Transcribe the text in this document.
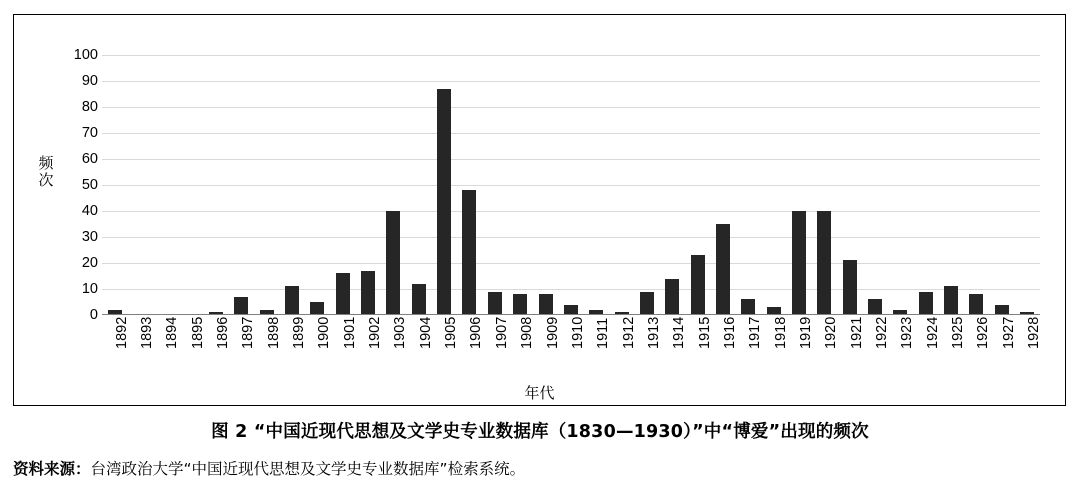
频
次
0
10
20
30
40
50
60
70
80
90
100
1892 1893 1894 1895 1896 1897 1898 1899 1900 1901 1902 1903 1904 1905 1906 1907 1908 1909 1910 1911 1912 1913 1914 1915 1916 1917 1918 1919 1920 1921 1922 1923 1924 1925 1926 1927 1928
年代
图 2 “中国近现代思想及文学史专业数据库（1830—1930）”中“博爱”出现的频次
资料来源：台湾政治大学“中国近现代思想及文学史专业数据库”检索系统。
